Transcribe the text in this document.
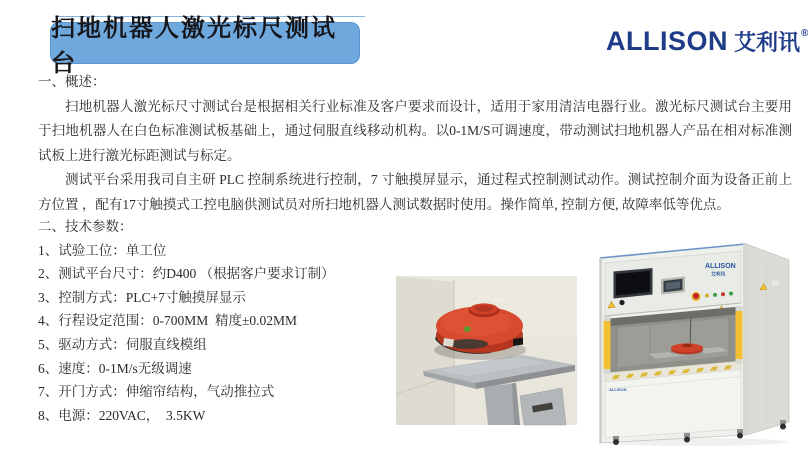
扫地机器人激光标尺测试台
ALLISON 艾利讯 ®
一、概述：

扫地机器人激光标尺寸测试台是根据相关行业标准及客户要求而设计，适用于家用清洁电器行业。激光标尺测试台主要用于扫地机器人在白色标准测试板基础上，通过伺服直线移动机构。以0-1M/S可调速度，带动测试扫地机器人产品在相对标准测试板上进行激光标距测试与标定。

测试平台采用我司自主研 PLC 控制系统进行控制，7 寸触摸屏显示，通过程式控制测试动作。测试控制介面为设备正前上方位置 ，配有17寸触摸式工控电脑供测试员对所扫地机器人测试数据时使用。操作简单, 控制方便, 故障率低等优点。

二、技术参数：
1、试验工位：单工位
2、测试平台尺寸：约D400 （根据客户要求订制）
3、控制方式：PLC+7寸触摸屏显示
4、行程设定范围：0-700MM  精度±0.02MM
5、驱动方式：伺服直线模组
6、速度：0-1M/s无级调速
7、开门方式：伸缩帘结构，气动推拉式
8、电源：220VAC，  3.5KW
ALLISON
艾利讯
ALLISON
